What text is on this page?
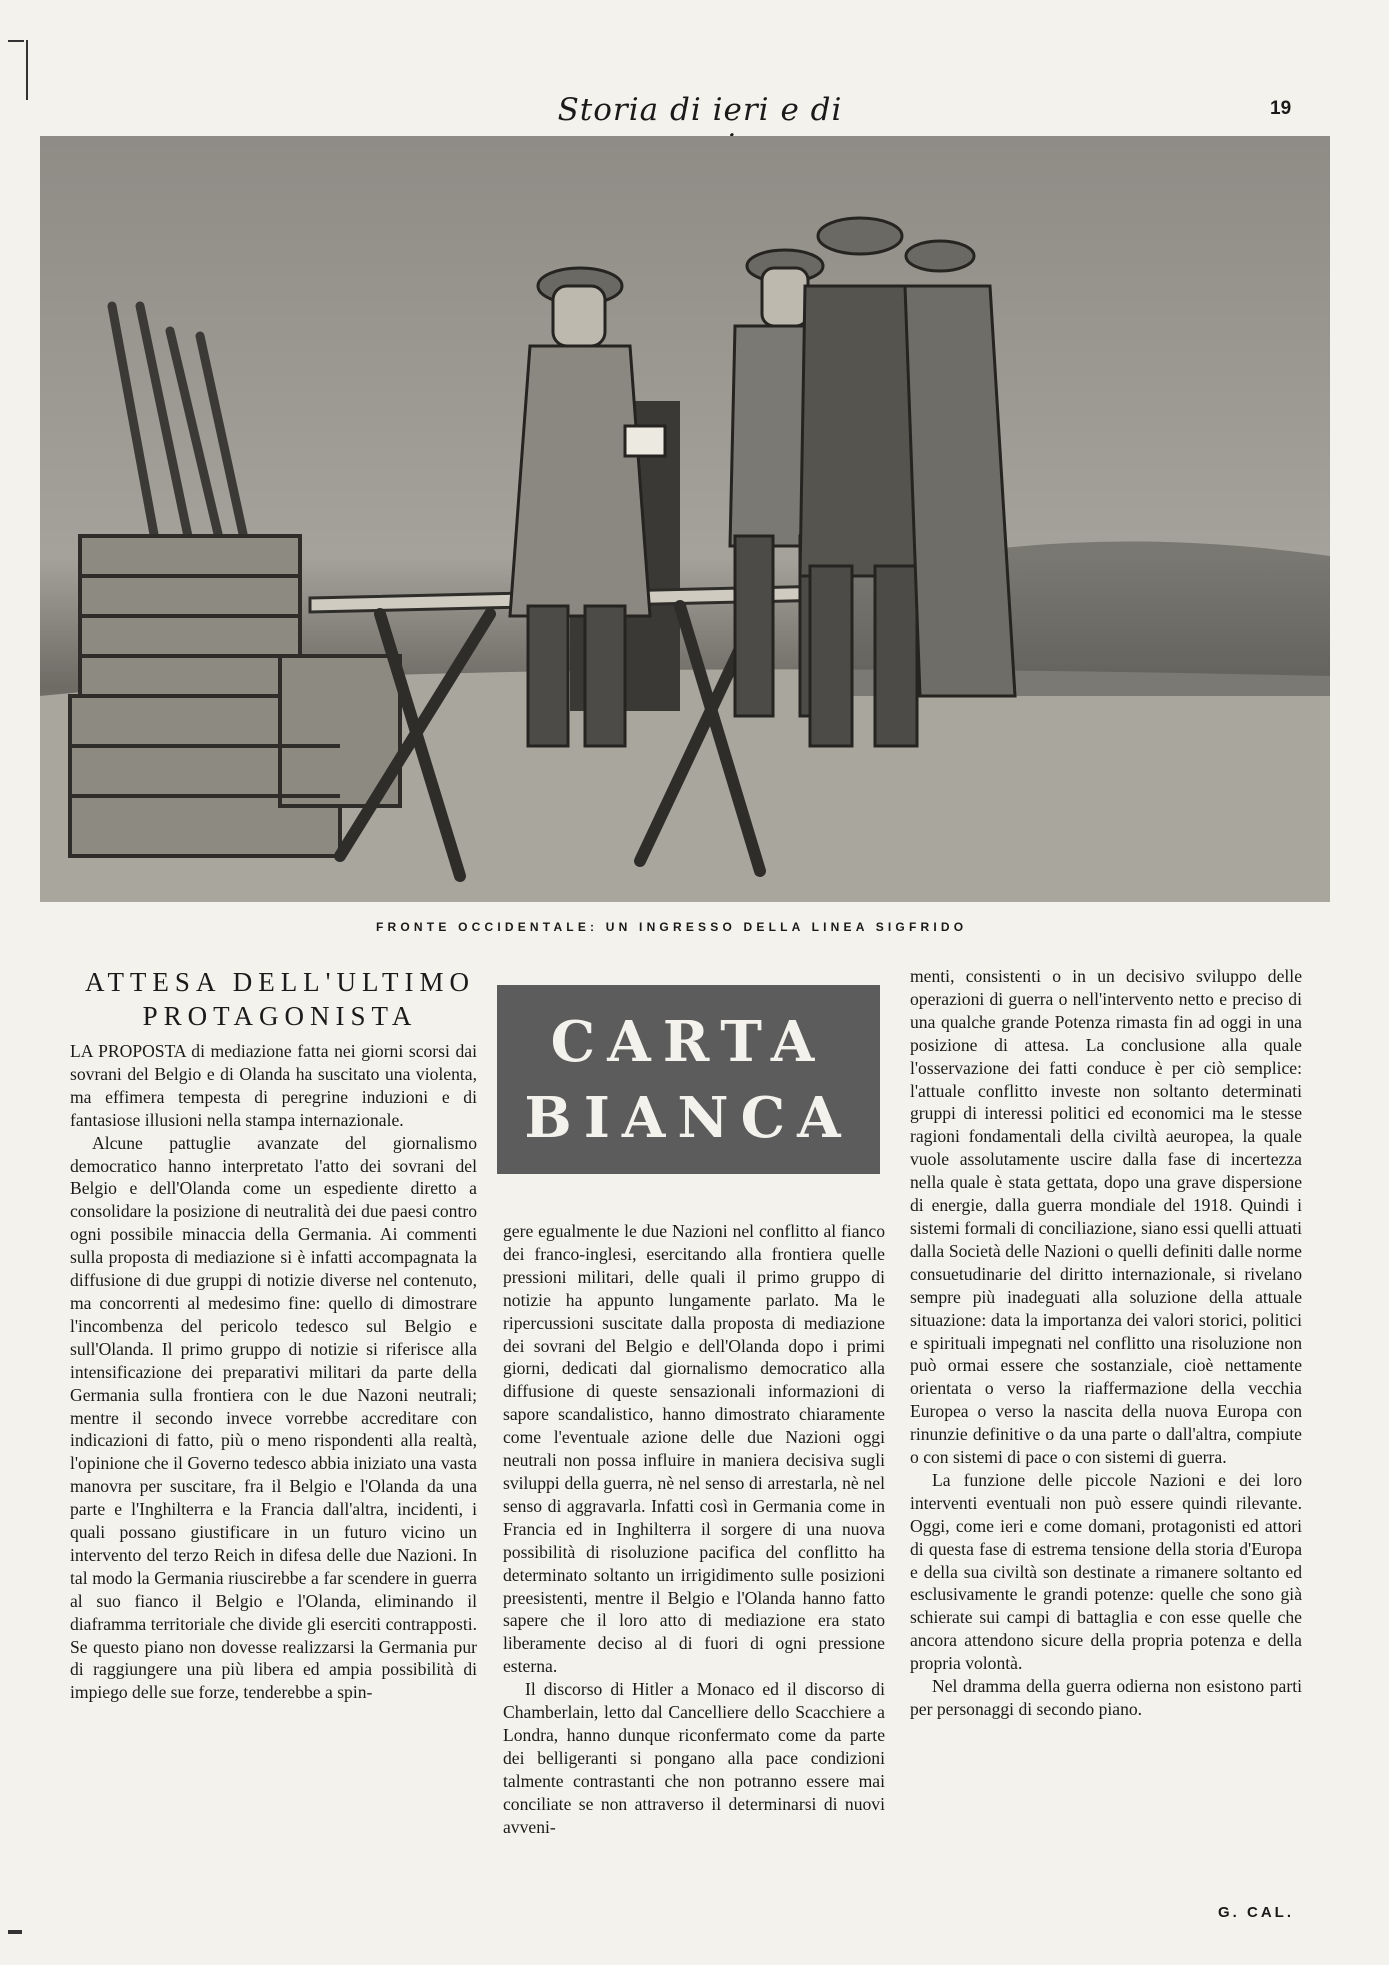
Storia di ieri e di	19
FRONTE OCCIDENTALE: UN INGRESSO DELLA LINEA SIGFRIDO
ATTESA DELL'ULTIMO
PROTAGONISTA	CARTA
BIANCA

LA PROPOSTA di mediazione fatta nei giorni scorsi dai sovrani del Belgio e di Olanda ha suscitato una violenta, ma effimera tempesta di peregrine induzioni e di fantasiose illusioni nella stampa internazionale.

Alcune pattuglie avanzate del giornalismo democratico hanno interpretato l'atto dei sovrani del Belgio e dell'Olanda come un espediente diretto a consolidare la posizione di neutralità dei due paesi contro ogni possibile minaccia della Germania. Ai commenti sulla proposta di mediazione si è infatti accompagnata la diffusione di due gruppi di notizie diverse nel contenuto, ma concorrenti al medesimo fine: quello di dimostrare l'incombenza del pericolo tedesco sul Belgio e sull'Olanda. Il primo gruppo di notizie si riferisce alla intensificazione dei preparativi militari da parte della Germania sulla frontiera con le due Nazoni neutrali; mentre il secondo invece vorrebbe accreditare con indicazioni di fatto, più o meno rispondenti alla realtà, l'opinione che il Governo tedesco abbia iniziato una vasta manovra per suscitare, fra il Belgio e l'Olanda da una parte e l'Inghilterra e la Francia dall'altra, incidenti, i quali possano giustificare in un futuro vicino un intervento del terzo Reich in difesa delle due Nazioni. In tal modo la Germania riuscirebbe a far scendere in guerra al suo fianco il Belgio e l'Olanda, eliminando il diaframma territoriale che divide gli eserciti contrapposti. Se questo piano non dovesse realizzarsi la Germania pur di raggiungere una più libera ed ampia possibilità di impiego delle sue forze, tenderebbe a spin-

gere egualmente le due Nazioni nel conflitto al fianco dei franco-inglesi, esercitando alla frontiera quelle pressioni militari, delle quali il primo gruppo di notizie ha appunto lungamente parlato. Ma le ripercussioni suscitate dalla proposta di mediazione dei sovrani del Belgio e dell'Olanda dopo i primi giorni, dedicati dal giornalismo democratico alla diffusione di queste sensazionali informazioni di sapore scandalistico, hanno dimostrato chiaramente come l'eventuale azione delle due Nazioni oggi neutrali non possa influire in maniera decisiva sugli sviluppi della guerra, nè nel senso di arrestarla, nè nel senso di aggravarla. Infatti così in Germania come in Francia ed in Inghilterra il sorgere di una nuova possibilità di risoluzione pacifica del conflitto ha determinato soltanto un irrigidimento sulle posizioni preesistenti, mentre il Belgio e l'Olanda hanno fatto sapere che il loro atto di mediazione era stato liberamente deciso al di fuori di ogni pressione esterna.

Il discorso di Hitler a Monaco ed il discorso di Chamberlain, letto dal Cancelliere dello Scacchiere a Londra, hanno dunque riconfermato come da parte dei belligeranti si pongano alla pace condizioni talmente contrastanti che non potranno essere mai conciliate se non attraverso il determinarsi di nuovi avveni-

menti, consistenti o in un decisivo sviluppo delle operazioni di guerra o nell'intervento netto e preciso di una qualche grande Potenza rimasta fin ad oggi in una posizione di attesa. La conclusione alla quale l'osservazione dei fatti conduce è per ciò semplice: l'attuale conflitto investe non soltanto determinati gruppi di interessi politici ed economici ma le stesse ragioni fondamentali della civiltà aeuropea, la quale vuole assolutamente uscire dalla fase di incertezza nella quale è stata gettata, dopo una grave dispersione di energie, dalla guerra mondiale del 1918. Quindi i sistemi formali di conciliazione, siano essi quelli attuati dalla Società delle Nazioni o quelli definiti dalle norme consuetudinarie del diritto internazionale, si rivelano sempre più inadeguati alla soluzione della attuale situazione: data la importanza dei valori storici, politici e spirituali impegnati nel conflitto una risoluzione non può ormai essere che sostanziale, cioè nettamente orientata o verso la riaffermazione della vecchia Europea o verso la nascita della nuova Europa con rinunzie definitive o da una parte o dall'altra, compiute o con sistemi di pace o con sistemi di guerra.

La funzione delle piccole Nazioni e dei loro interventi eventuali non può essere quindi rilevante. Oggi, come ieri e come domani, protagonisti ed attori di questa fase di estrema tensione della storia d'Europa e della sua civiltà son destinate a rimanere soltanto ed esclusivamente le grandi potenze: quelle che sono già schierate sui campi di battaglia e con esse quelle che ancora attendono sicure della propria potenza e della propria volontà.

Nel dramma della guerra odierna non esistono parti per personaggi di secondo piano.

G. CAL.
